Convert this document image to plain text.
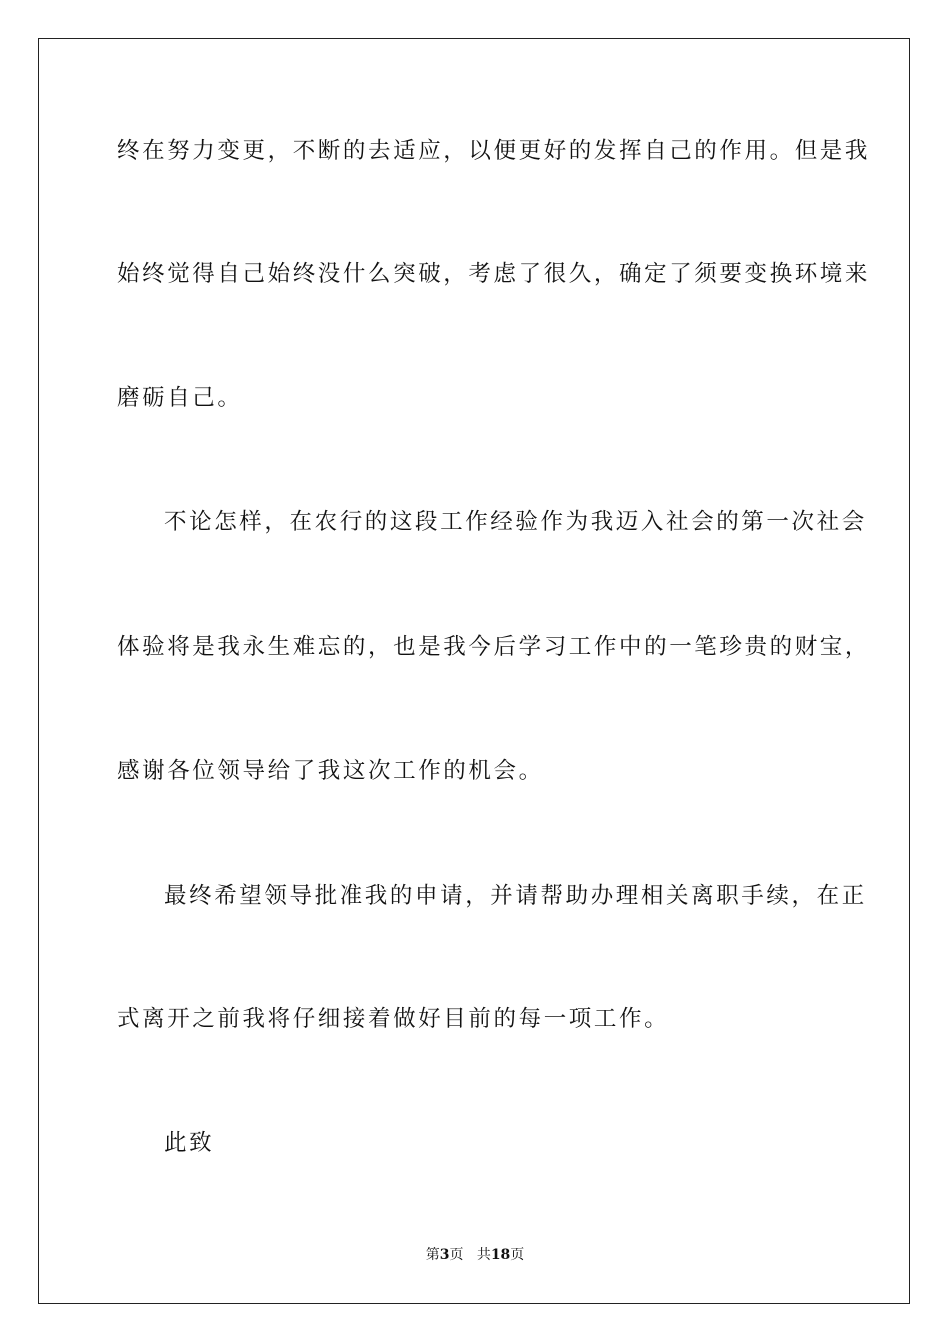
终在努力变更，不断的去适应，以便更好的发挥自己的作用。但是我
始终觉得自己始终没什么突破，考虑了很久，确定了须要变换环境来
磨砺自己。
不论怎样，在农行的这段工作经验作为我迈入社会的第一次社会
体验将是我永生难忘的，也是我今后学习工作中的一笔珍贵的财宝，
感谢各位领导给了我这次工作的机会。
最终希望领导批准我的申请，并请帮助办理相关离职手续，在正
式离开之前我将仔细接着做好目前的每一项工作。
此致
第3页 共18页
